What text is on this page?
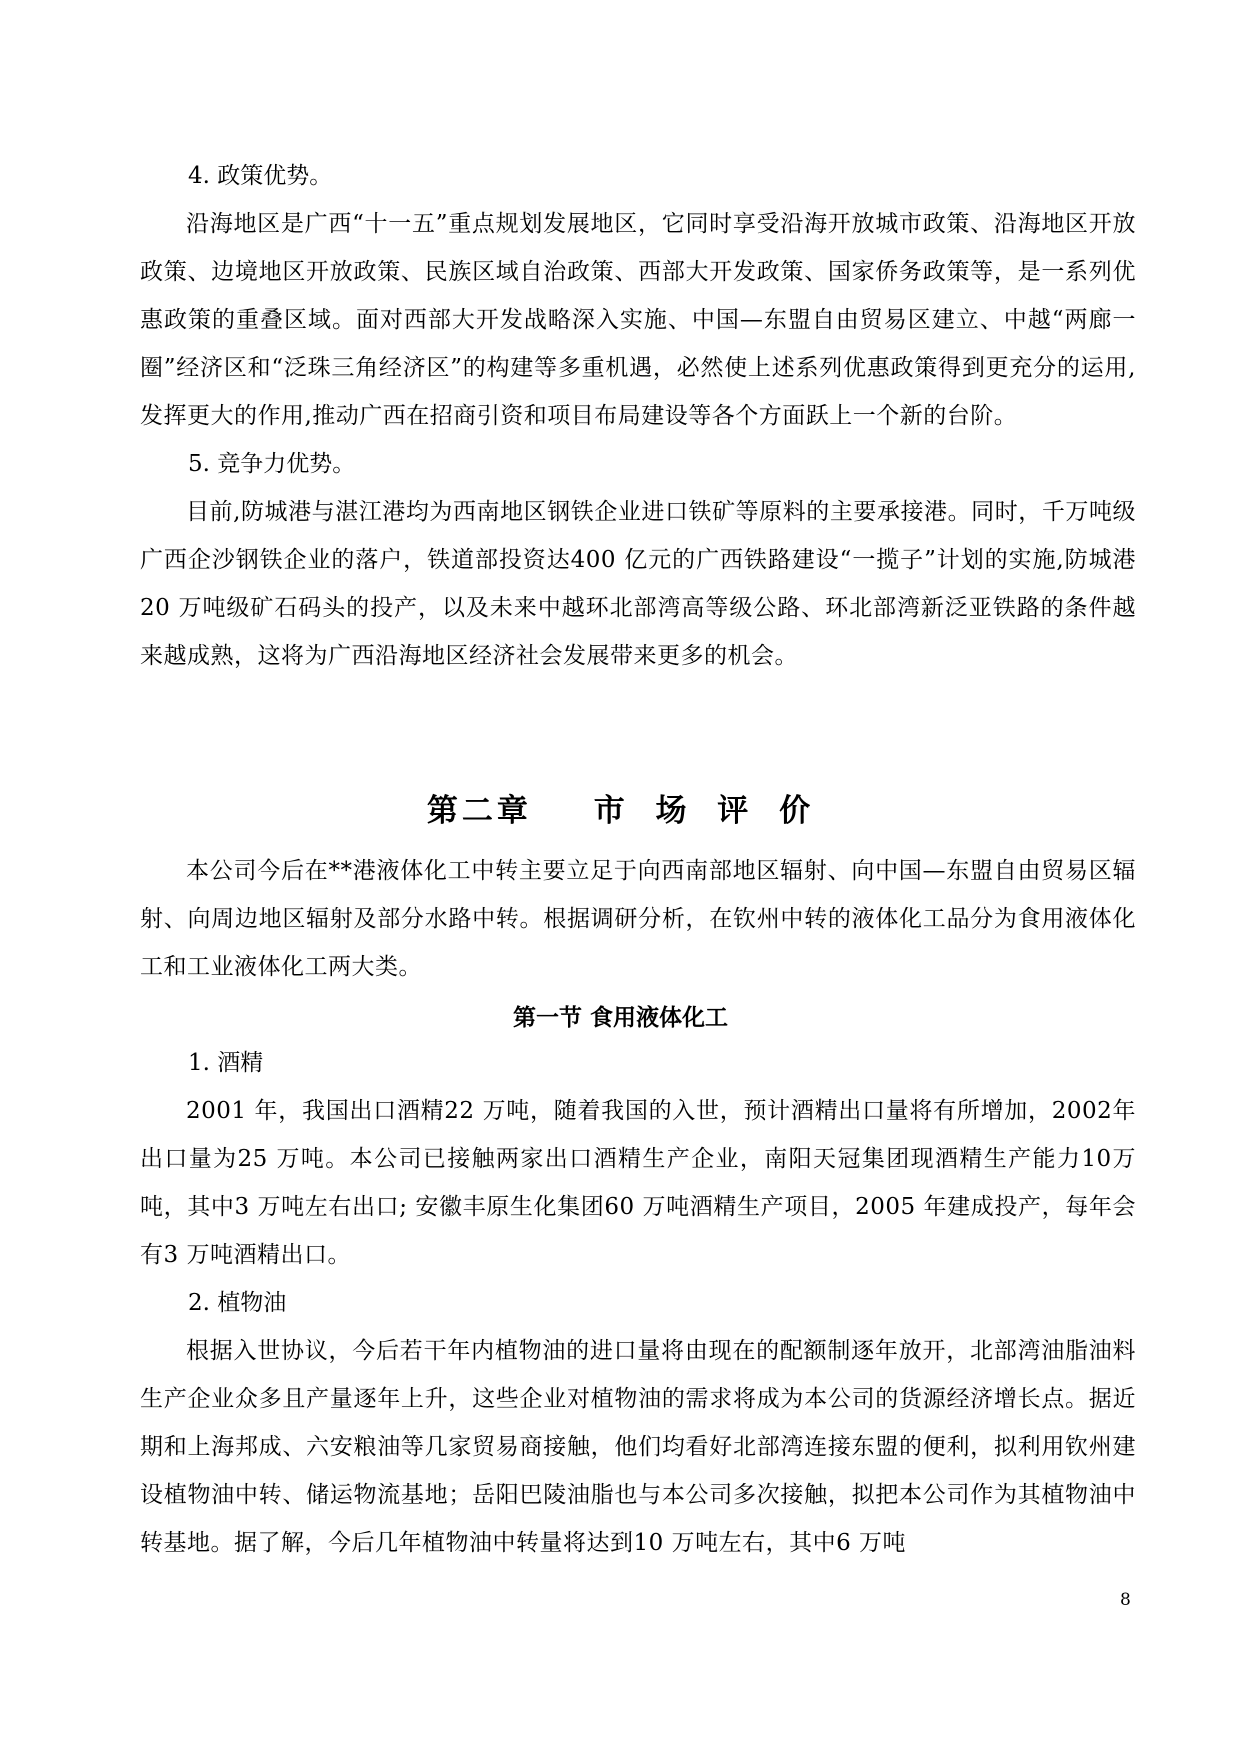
4. 政策优势。

沿海地区是广西“十一五”重点规划发展地区，它同时享受沿海开放城市政策、沿海地区开放政策、边境地区开放政策、民族区域自治政策、西部大开发政策、国家侨务政策等，是一系列优惠政策的重叠区域。面对西部大开发战略深入实施、中国—东盟自由贸易区建立、中越“两廊一圈”经济区和“泛珠三角经济区”的构建等多重机遇，必然使上述系列优惠政策得到更充分的运用, 发挥更大的作用,推动广西在招商引资和项目布局建设等各个方面跃上一个新的台阶。

5. 竞争力优势。

目前,防城港与湛江港均为西南地区钢铁企业进口铁矿等原料的主要承接港。同时，千万吨级广西企沙钢铁企业的落户，铁道部投资达400 亿元的广西铁路建设“一揽子”计划的实施,防城港20 万吨级矿石码头的投产，以及未来中越环北部湾高等级公路、环北部湾新泛亚铁路的条件越来越成熟，这将为广西沿海地区经济社会发展带来更多的机会。

第二章　 市 场 评 价

本公司今后在**港液体化工中转主要立足于向西南部地区辐射、向中国—东盟自由贸易区辐射、向周边地区辐射及部分水路中转。根据调研分析，在钦州中转的液体化工品分为食用液体化工和工业液体化工两大类。

第一节 食用液体化工

1. 酒精

2001 年，我国出口酒精22 万吨，随着我国的入世，预计酒精出口量将有所增加，2002年出口量为25 万吨。本公司已接触两家出口酒精生产企业，南阳天冠集团现酒精生产能力10万吨，其中3 万吨左右出口; 安徽丰原生化集团60 万吨酒精生产项目，2005 年建成投产，每年会有3 万吨酒精出口。

2. 植物油

根据入世协议，今后若干年内植物油的进口量将由现在的配额制逐年放开，北部湾油脂油料生产企业众多且产量逐年上升，这些企业对植物油的需求将成为本公司的货源经济增长点。据近期和上海邦成、六安粮油等几家贸易商接触，他们均看好北部湾连接东盟的便利，拟利用钦州建设植物油中转、储运物流基地；岳阳巴陵油脂也与本公司多次接触，拟把本公司作为其植物油中转基地。据了解，今后几年植物油中转量将达到10 万吨左右，其中6 万吨

8
